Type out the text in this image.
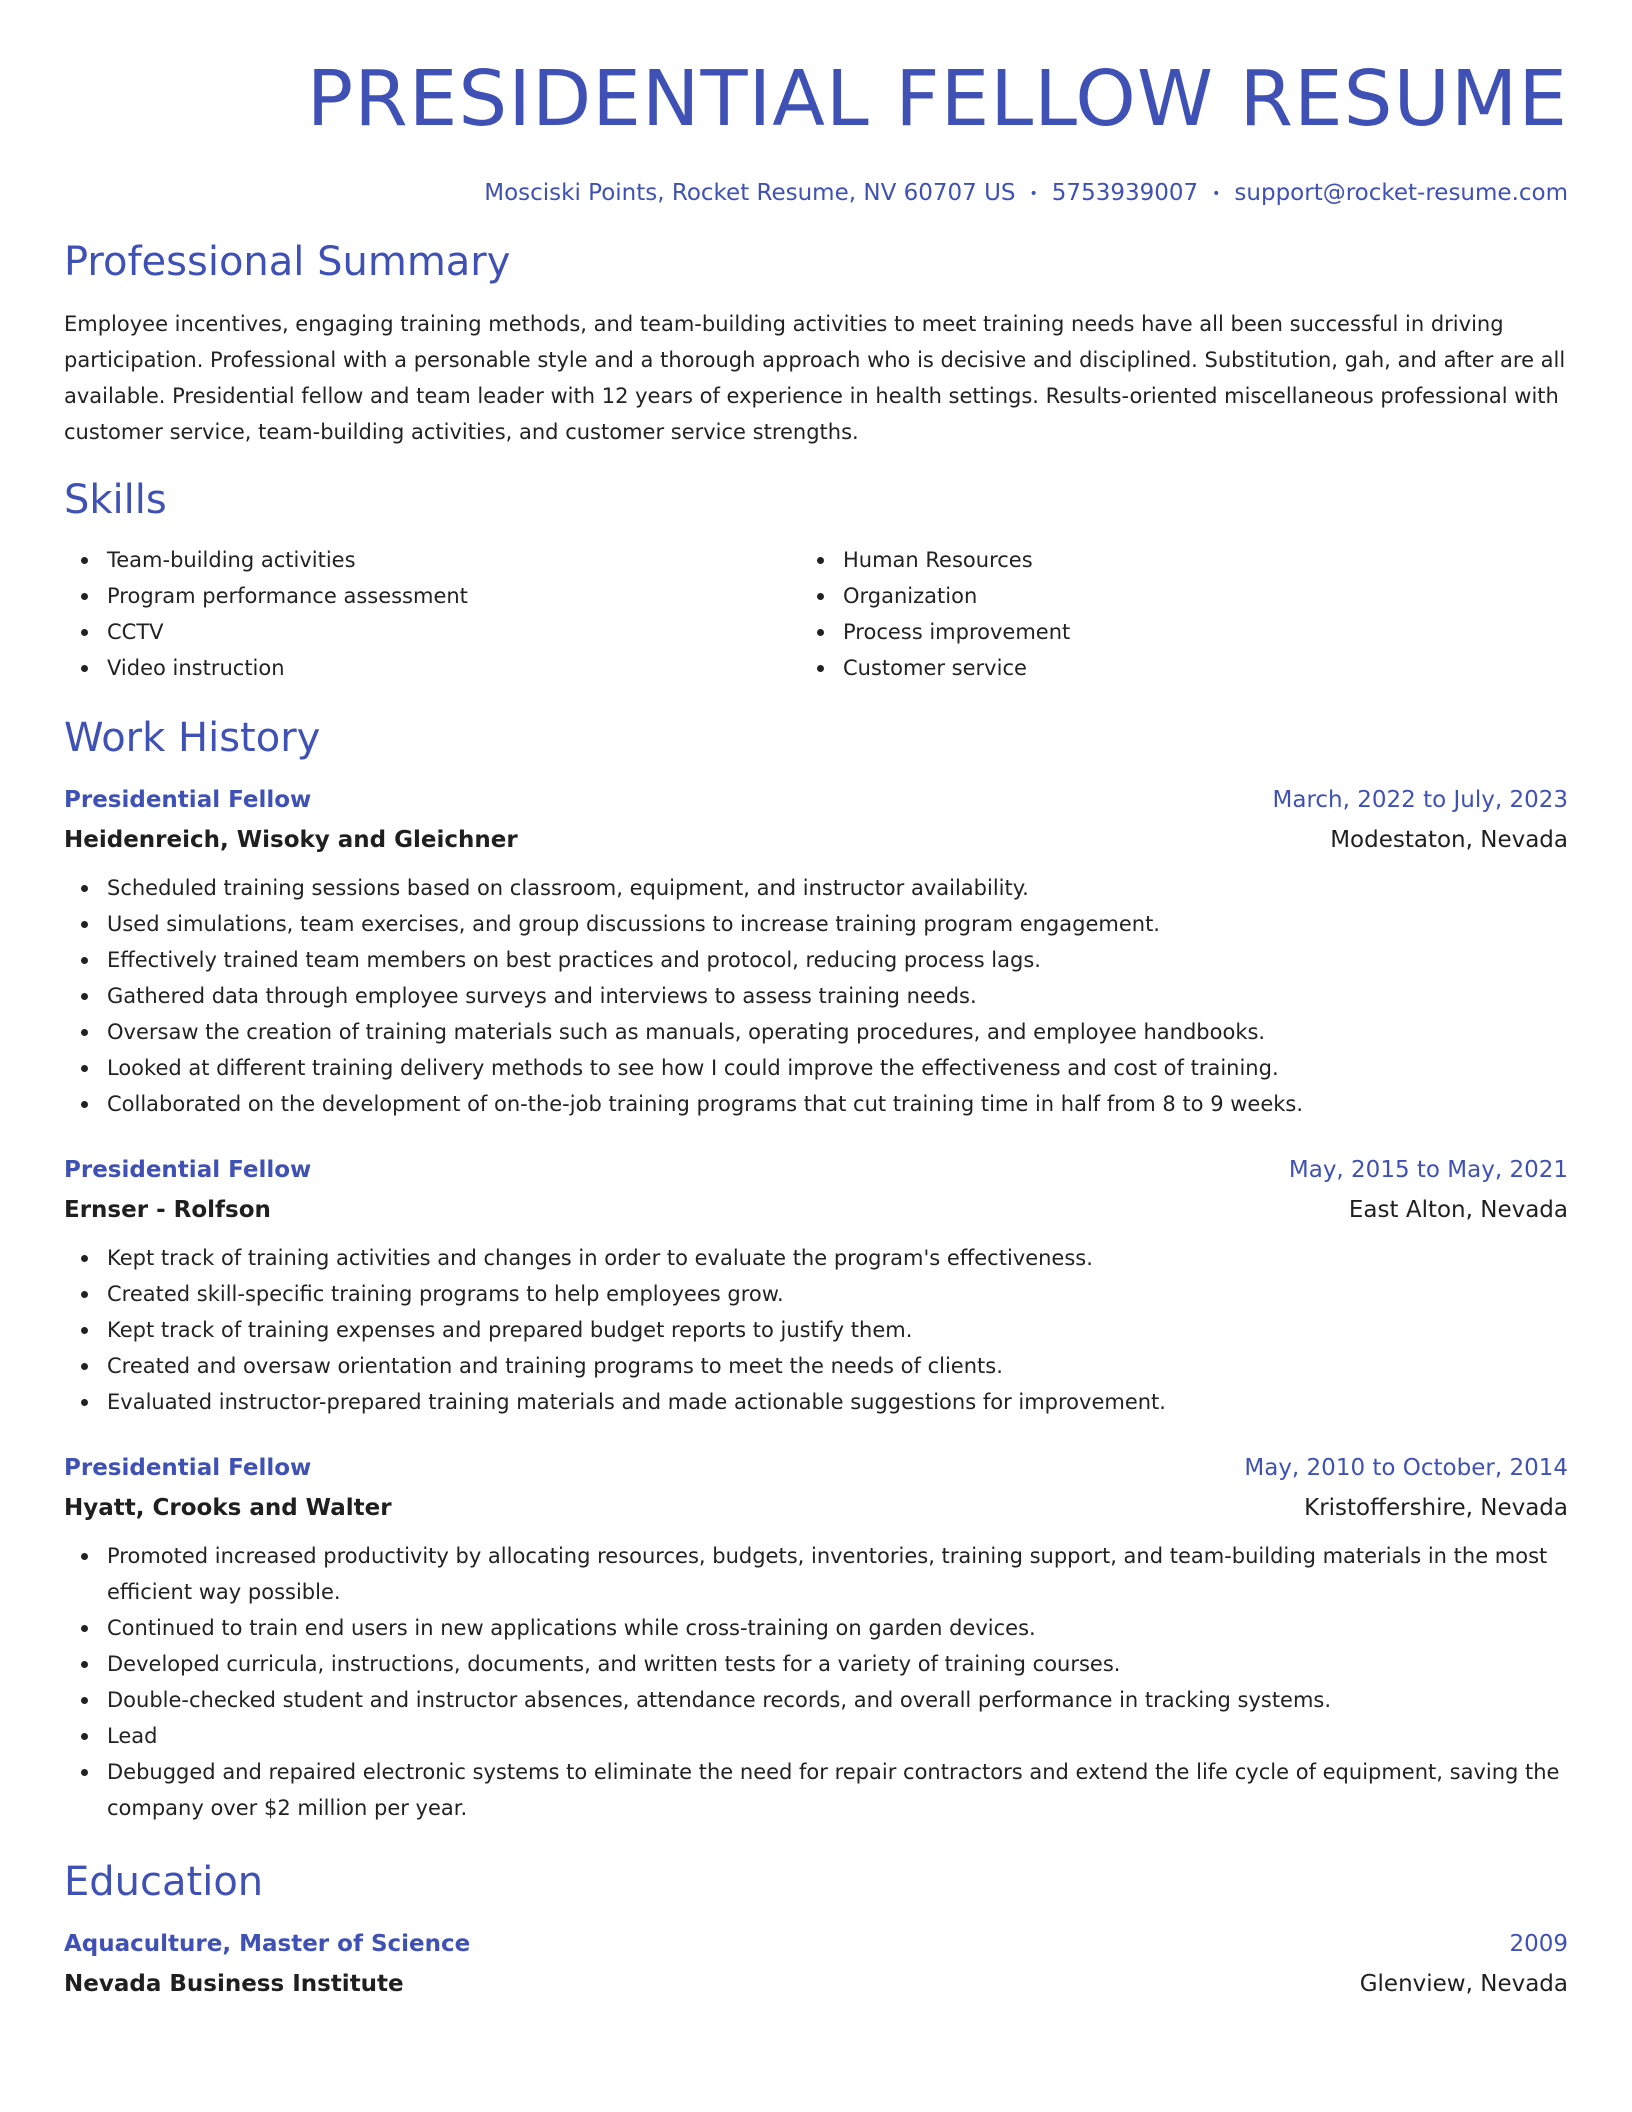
PRESIDENTIAL FELLOW RESUME
Mosciski Points, Rocket Resume, NV 60707 US • 5753939007 • support@rocket-resume.com
Professional Summary

Employee incentives, engaging training methods, and team-building activities to meet training needs have all been successful in driving participation. Professional with a personable style and a thorough approach who is decisive and disciplined. Substitution, gah, and after are all available. Presidential fellow and team leader with 12 years of experience in health settings. Results-oriented miscellaneous professional with customer service, team-building activities, and customer service strengths.

Skills
Team-building activities
Program performance assessment
CCTV
Video instruction
Human Resources
Organization
Process improvement
Customer service
Work History
Presidential Fellow	March, 2022 to July, 2023
Heidenreich, Wisoky and Gleichner	Modestaton, Nevada
Scheduled training sessions based on classroom, equipment, and instructor availability.
Used simulations, team exercises, and group discussions to increase training program engagement.
Effectively trained team members on best practices and protocol, reducing process lags.
Gathered data through employee surveys and interviews to assess training needs.
Oversaw the creation of training materials such as manuals, operating procedures, and employee handbooks.
Looked at different training delivery methods to see how I could improve the effectiveness and cost of training.
Collaborated on the development of on-the-job training programs that cut training time in half from 8 to 9 weeks.
Presidential Fellow	May, 2015 to May, 2021
Ernser - Rolfson	East Alton, Nevada
Kept track of training activities and changes in order to evaluate the program's effectiveness.
Created skill-specific training programs to help employees grow.
Kept track of training expenses and prepared budget reports to justify them.
Created and oversaw orientation and training programs to meet the needs of clients.
Evaluated instructor-prepared training materials and made actionable suggestions for improvement.
Presidential Fellow	May, 2010 to October, 2014
Hyatt, Crooks and Walter	Kristoffershire, Nevada
Promoted increased productivity by allocating resources, budgets, inventories, training support, and team-building materials in the most efficient way possible.
Continued to train end users in new applications while cross-training on garden devices.
Developed curricula, instructions, documents, and written tests for a variety of training courses.
Double-checked student and instructor absences, attendance records, and overall performance in tracking systems.
Lead
Debugged and repaired electronic systems to eliminate the need for repair contractors and extend the life cycle of equipment, saving the company over $2 million per year.
Education
Aquaculture, Master of Science	2009
Nevada Business Institute	Glenview, Nevada
